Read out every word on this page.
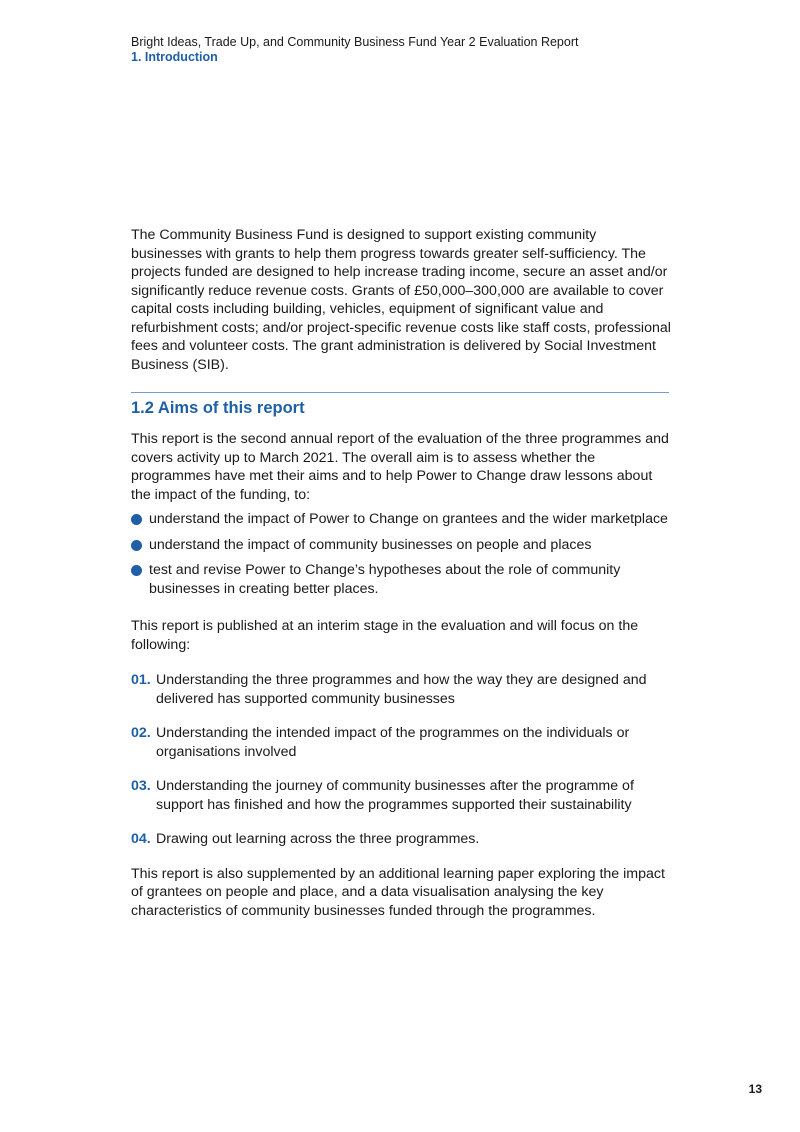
Bright Ideas, Trade Up, and Community Business Fund Year 2 Evaluation Report
1. Introduction

The Community Business Fund is designed to support existing community businesses with grants to help them progress towards greater self-sufficiency. The projects funded are designed to help increase trading income, secure an asset and/or significantly reduce revenue costs. Grants of £50,000–300,000 are available to cover capital costs including building, vehicles, equipment of significant value and refurbishment costs; and/or project-specific revenue costs like staff costs, professional fees and volunteer costs. The grant administration is delivered by Social Investment Business (SIB).

1.2 Aims of this report

This report is the second annual report of the evaluation of the three programmes and covers activity up to March 2021. The overall aim is to assess whether the programmes have met their aims and to help Power to Change draw lessons about the impact of the funding, to:

understand the impact of Power to Change on grantees and the wider marketplace
understand the impact of community businesses on people and places
test and revise Power to Change’s hypotheses about the role of community businesses in creating better places.

This report is published at an interim stage in the evaluation and will focus on the following:

01. Understanding the three programmes and how the way they are designed and delivered has supported community businesses
02. Understanding the intended impact of the programmes on the individuals or organisations involved
03. Understanding the journey of community businesses after the programme of support has finished and how the programmes supported their sustainability
04. Drawing out learning across the three programmes.

This report is also supplemented by an additional learning paper exploring the impact of grantees on people and place, and a data visualisation analysing the key characteristics of community businesses funded through the programmes.

13
